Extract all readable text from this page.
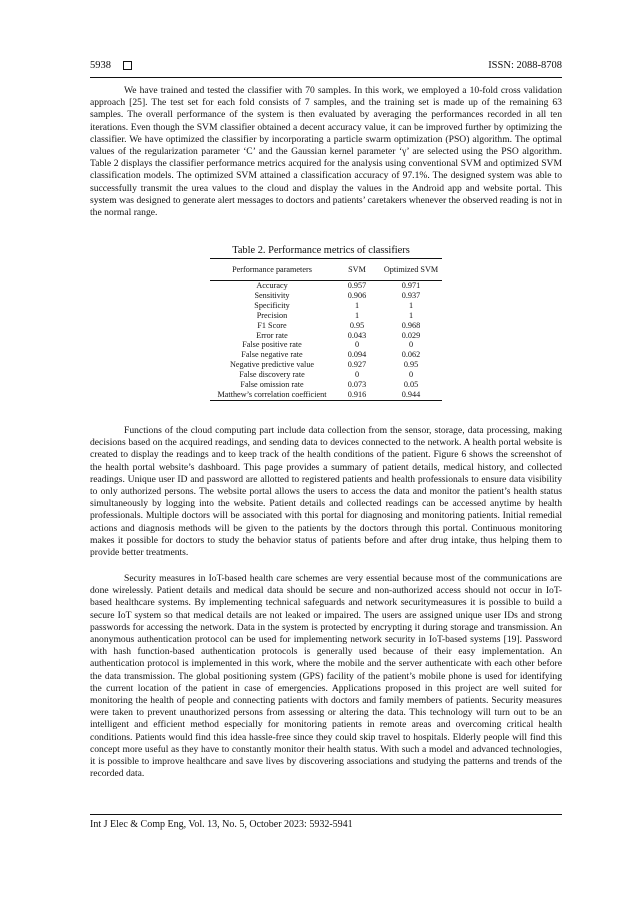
5938	ISSN: 2088-8708

We have trained and tested the classifier with 70 samples. In this work, we employed a 10-fold cross validation approach [25]. The test set for each fold consists of 7 samples, and the training set is made up of the remaining 63 samples. The overall performance of the system is then evaluated by averaging the performances recorded in all ten iterations. Even though the SVM classifier obtained a decent accuracy value, it can be improved further by optimizing the classifier. We have optimized the classifier by incorporating a particle swarm optimization (PSO) algorithm. The optimal values of the regularization parameter ‘C’ and the Gaussian kernel parameter ‘γ’ are selected using the PSO algorithm. Table 2 displays the classifier performance metrics acquired for the analysis using conventional SVM and optimized SVM classification models. The optimized SVM attained a classification accuracy of 97.1%. The designed system was able to successfully transmit the urea values to the cloud and display the values in the Android app and website portal. This system was designed to generate alert messages to doctors and patients’ caretakers whenever the observed reading is not in the normal range.

Table 2. Performance metrics of classifiers
Performance parameters	SVM	Optimized SVM
Accuracy	0.957	0.971
Sensitivity	0.906	0.937
Specificity	1	1
Precision	1	1
F1 Score	0.95	0.968
Error rate	0.043	0.029
False positive rate	0	0
False negative rate	0.094	0.062
Negative predictive value	0.927	0.95
False discovery rate	0	0
False omission rate	0.073	0.05
Matthew’s correlation coefficient	0.916	0.944

Functions of the cloud computing part include data collection from the sensor, storage, data processing, making decisions based on the acquired readings, and sending data to devices connected to the network. A health portal website is created to display the readings and to keep track of the health conditions of the patient. Figure 6 shows the screenshot of the health portal website’s dashboard. This page provides a summary of patient details, medical history, and collected readings. Unique user ID and password are allotted to registered patients and health professionals to ensure data visibility to only authorized persons. The website portal allows the users to access the data and monitor the patient’s health status simultaneously by logging into the website. Patient details and collected readings can be accessed anytime by health professionals. Multiple doctors will be associated with this portal for diagnosing and monitoring patients. Initial remedial actions and diagnosis methods will be given to the patients by the doctors through this portal. Continuous monitoring makes it possible for doctors to study the behavior status of patients before and after drug intake, thus helping them to provide better treatments.

Security measures in IoT-based health care schemes are very essential because most of the communications are done wirelessly. Patient details and medical data should be secure and non-authorized access should not occur in IoT-based healthcare systems. By implementing technical safeguards and network securitymeasures it is possible to build a secure IoT system so that medical details are not leaked or impaired. The users are assigned unique user IDs and strong passwords for accessing the network. Data in the system is protected by encrypting it during storage and transmission. An anonymous authentication protocol can be used for implementing network security in IoT-based systems [19]. Password with hash function-based authentication protocols is generally used because of their easy implementation. An authentication protocol is implemented in this work, where the mobile and the server authenticate with each other before the data transmission. The global positioning system (GPS) facility of the patient’s mobile phone is used for identifying the current location of the patient in case of emergencies. Applications proposed in this project are well suited for monitoring the health of people and connecting patients with doctors and family members of patients. Security measures were taken to prevent unauthorized persons from assessing or altering the data. This technology will turn out to be an intelligent and efficient method especially for monitoring patients in remote areas and overcoming critical health conditions. Patients would find this idea hassle-free since they could skip travel to hospitals. Elderly people will find this concept more useful as they have to constantly monitor their health status. With such a model and advanced technologies, it is possible to improve healthcare and save lives by discovering associations and studying the patterns and trends of the recorded data.

Int J Elec & Comp Eng, Vol. 13, No. 5, October 2023: 5932-5941
